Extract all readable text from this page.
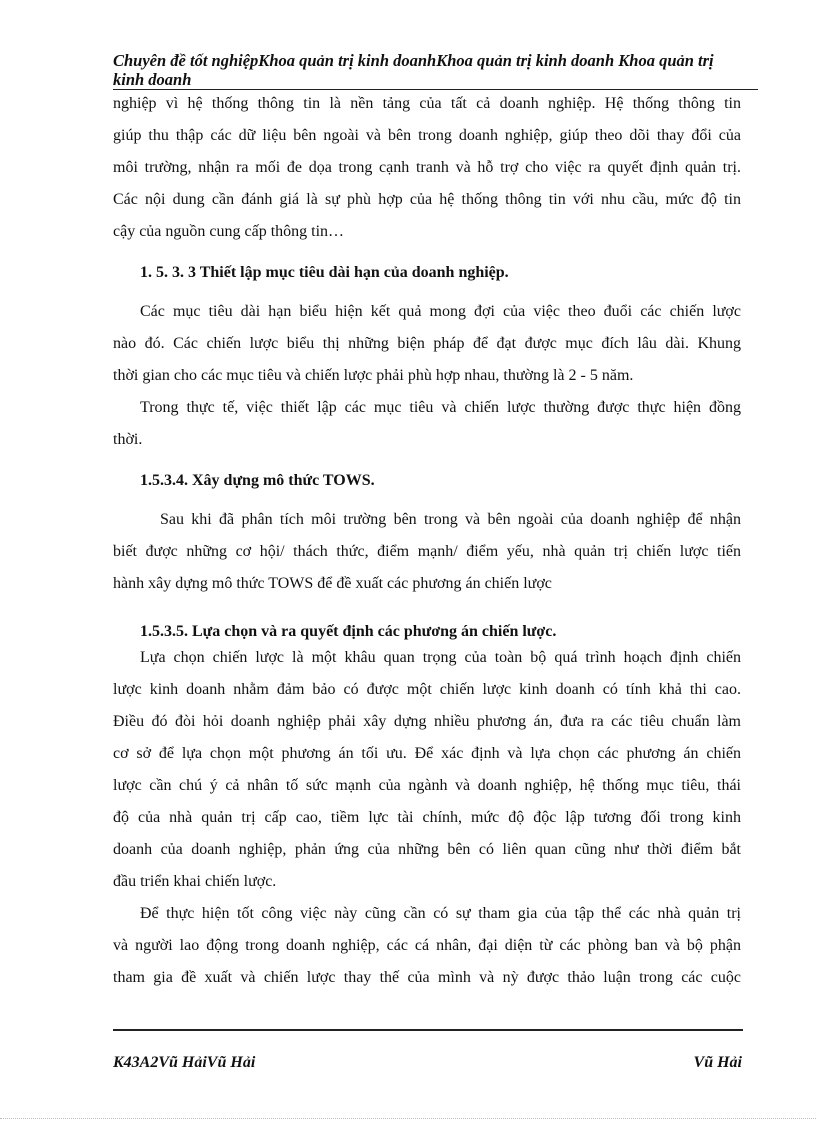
Chuyên đề tốt nghiệpKhoa quản trị kinh doanhKhoa quản trị kinh doanh Khoa quản trị

kinh doanh
nghiệp vì hệ thống thông tin là nền tảng của tất cả doanh nghiệp. Hệ thống thông tin
giúp thu thập các dữ liệu bên ngoài và bên trong doanh nghiệp, giúp theo dõi thay đổi của
môi trường, nhận ra mối đe dọa trong cạnh tranh và hỗ trợ cho việc ra quyết định quản trị.
Các nội dung cần đánh giá là sự phù hợp của hệ thống thông tin với nhu cầu, mức độ tin
cậy của nguồn cung cấp thông tin…
1. 5. 3. 3 Thiết lập mục tiêu dài hạn của doanh nghiệp.
Các mục tiêu dài hạn biểu hiện kết quả mong đợi của việc theo đuổi các chiến lược
nào đó. Các chiến lược biểu thị những biện pháp để đạt được mục đích lâu dài. Khung
thời gian cho các mục tiêu và chiến lược phải phù hợp nhau, thường là 2 - 5 năm.
Trong thực tế, việc thiết lập các mục tiêu và chiến lược thường được thực hiện đồng
thời.
1.5.3.4. Xây dựng mô thức TOWS.
Sau khi đã phân tích môi trường bên trong và bên ngoài của doanh nghiệp để nhận
biết được những cơ hội/ thách thức, điểm mạnh/ điểm yếu, nhà quản trị chiến lược tiến
hành xây dựng mô thức TOWS để đề xuất các phương án chiến lược
1.5.3.5. Lựa chọn và ra quyết định các phương án chiến lược.
Lựa chọn chiến lược là một khâu quan trọng của toàn bộ quá trình hoạch định chiến
lược kinh doanh nhằm đảm bảo có được một chiến lược kinh doanh có tính khả thi cao.
Điều đó đòi hỏi doanh nghiệp phải xây dựng nhiều phương án, đưa ra các tiêu chuẩn làm
cơ sở để lựa chọn một phương án tối ưu. Để xác định và lựa chọn các phương án chiến
lược cần chú ý cả nhân tố sức mạnh của ngành và doanh nghiệp, hệ thống mục tiêu, thái
độ của nhà quản trị cấp cao, tiềm lực tài chính, mức độ độc lập tương đối trong kinh
doanh của doanh nghiệp, phản ứng của những bên có liên quan cũng như thời điểm bắt
đầu triển khai chiến lược.
Để thực hiện tốt công việc này cũng cần có sự tham gia của tập thể các nhà quản trị
và người lao động trong doanh nghiệp, các cá nhân, đại diện từ các phòng ban và bộ phận
tham gia đề xuất và chiến lược thay thế của mình và nỳ được thảo luận trong các cuộc
K43A2Vũ HảiVũ Hải	Vũ Hải
